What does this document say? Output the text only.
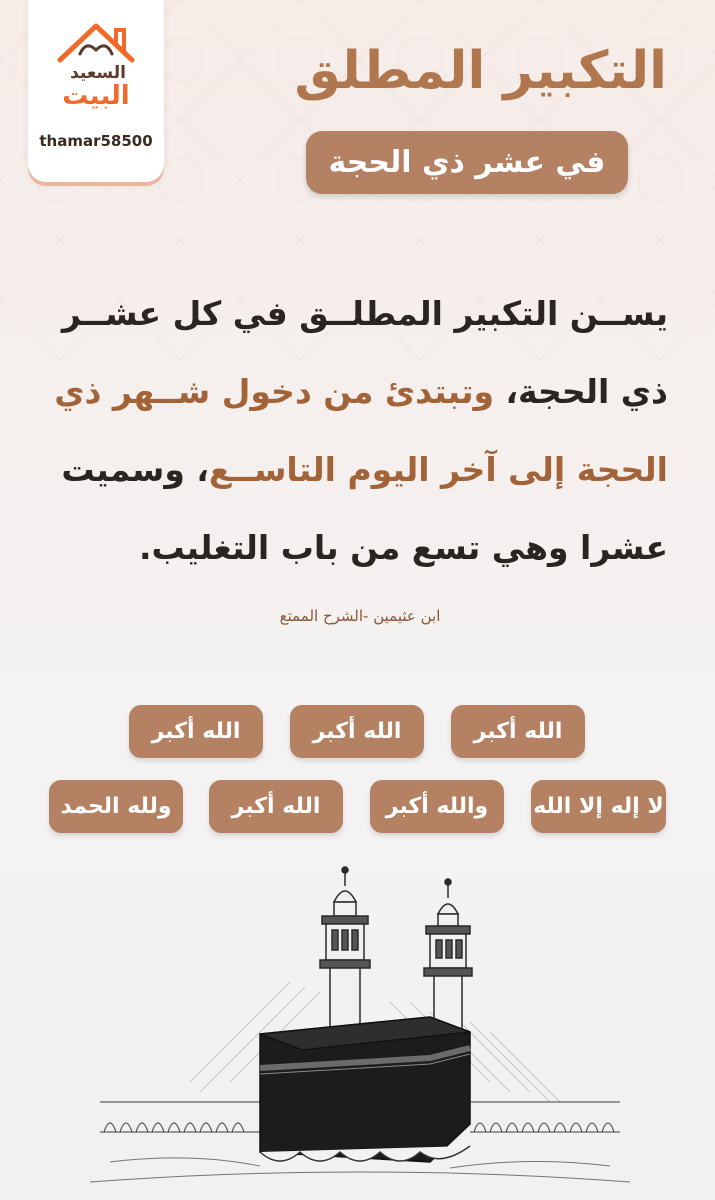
السعيد
البيت
thamar58500
التكبير المطلق
في عشر ذي الحجة
يســن التكبير المطلــق في كل عشــر ذي الحجة، وتبتدئ من دخول شــهر ذي الحجة إلى آخر اليوم التاســع، وسميت عشرا وهي تسع من باب التغليب.
ابن عثيمين -الشرح الممتع
الله أكبر
الله أكبر
الله أكبر
لا إله إلا الله
والله أكبر
الله أكبر
ولله الحمد
